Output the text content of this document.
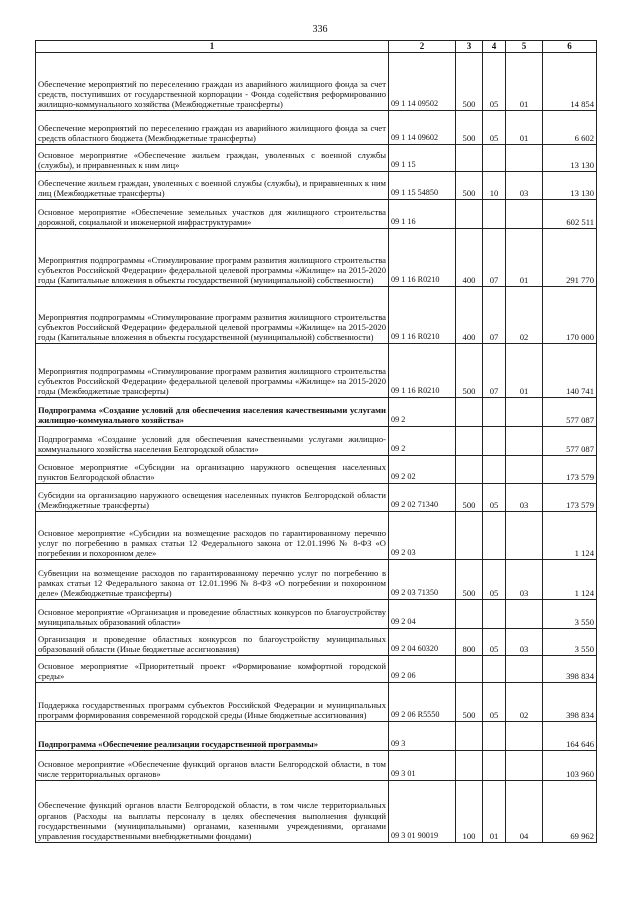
336
1	2	3	4	5	6
Обеспечение мероприятий по переселению граждан из аварийного жилищного фонда за счет средств, поступивших от государственной корпорации - Фонда содействия реформированию жилищно-коммунального хозяйства (Межбюджетные трансферты)	09 1 14 09502	500	05	01	14 854
Обеспечение мероприятий по переселению граждан из аварийного жилищного фонда за счет средств областного бюджета (Межбюджетные трансферты)	09 1 14 09602	500	05	01	6 602
Основное мероприятие «Обеспечение жильем граждан, уволенных с военной службы (службы), и приравненных к ним лиц»	09 1 15				13 130
Обеспечение жильем граждан, уволенных с военной службы (службы), и приравненных к ним лиц (Межбюджетные трансферты)	09 1 15 54850	500	10	03	13 130
Основное мероприятие «Обеспечение земельных участков для жилищного строительства дорожной, социальной и инженерной инфраструктурами»	09 1 16				602 511
Мероприятия подпрограммы «Стимулирование программ развития жилищного строительства субъектов Российской Федерации» федеральной целевой программы «Жилище» на 2015-2020 годы (Капитальные вложения в объекты государственной (муниципальной) собственности)	09 1 16 R0210	400	07	01	291 770
Мероприятия подпрограммы «Стимулирование программ развития жилищного строительства субъектов Российской Федерации» федеральной целевой программы «Жилище» на 2015-2020 годы (Капитальные вложения в объекты государственной (муниципальной) собственности)	09 1 16 R0210	400	07	02	170 000
Мероприятия подпрограммы «Стимулирование программ развития жилищного строительства субъектов Российской Федерации» федеральной целевой программы «Жилище» на 2015-2020 годы (Межбюджетные трансферты)	09 1 16 R0210	500	07	01	140 741
Подпрограмма «Создание условий для обеспечения населения качественными услугами жилищно-коммунального хозяйства»	09 2				577 087
Подпрограмма «Создание условий для обеспечения качественными услугами жилищно-коммунального хозяйства населения Белгородской области»	09 2				577 087
Основное мероприятие «Субсидии на организацию наружного освещения населенных пунктов Белгородской области»	09 2 02				173 579
Субсидии на организацию наружного освещения населенных пунктов Белгородской области (Межбюджетные трансферты)	09 2 02 71340	500	05	03	173 579
Основное мероприятие «Субсидии на возмещение расходов по гарантированному перечню услуг по погребению в рамках статьи 12 Федерального закона от 12.01.1996 № 8-ФЗ «О погребении и похоронном деле»	09 2 03				1 124
Субвенции на возмещение расходов по гарантированному перечню услуг по погребению в рамках статьи 12 Федерального закона от 12.01.1996 № 8-ФЗ «О погребении и похоронном деле» (Межбюджетные трансферты)	09 2 03 71350	500	05	03	1 124
Основное мероприятие «Организация и проведение областных конкурсов по благоустройству муниципальных образований области»	09 2 04				3 550
Организация и проведение областных конкурсов по благоустройству муниципальных образований области (Иные бюджетные ассигнования)	09 2 04 60320	800	05	03	3 550
Основное мероприятие «Приоритетный проект «Формирование комфортной городской среды»	09 2 06				398 834
Поддержка государственных программ субъектов Российской Федерации и муниципальных программ формирования современной городской среды (Иные бюджетные ассигнования)	09 2 06 R5550	500	05	02	398 834
Подпрограмма «Обеспечение реализации государственной программы»	09 3				164 646
Основное мероприятие «Обеспечение функций органов власти Белгородской области, в том числе территориальных органов»	09 3 01				103 960
Обеспечение функций органов власти Белгородской области, в том числе территориальных органов (Расходы на выплаты персоналу в целях обеспечения выполнения функций государственными (муниципальными) органами, казенными учреждениями, органами управления государственными внебюджетными фондами)	09 3 01 90019	100	01	04	69 962
